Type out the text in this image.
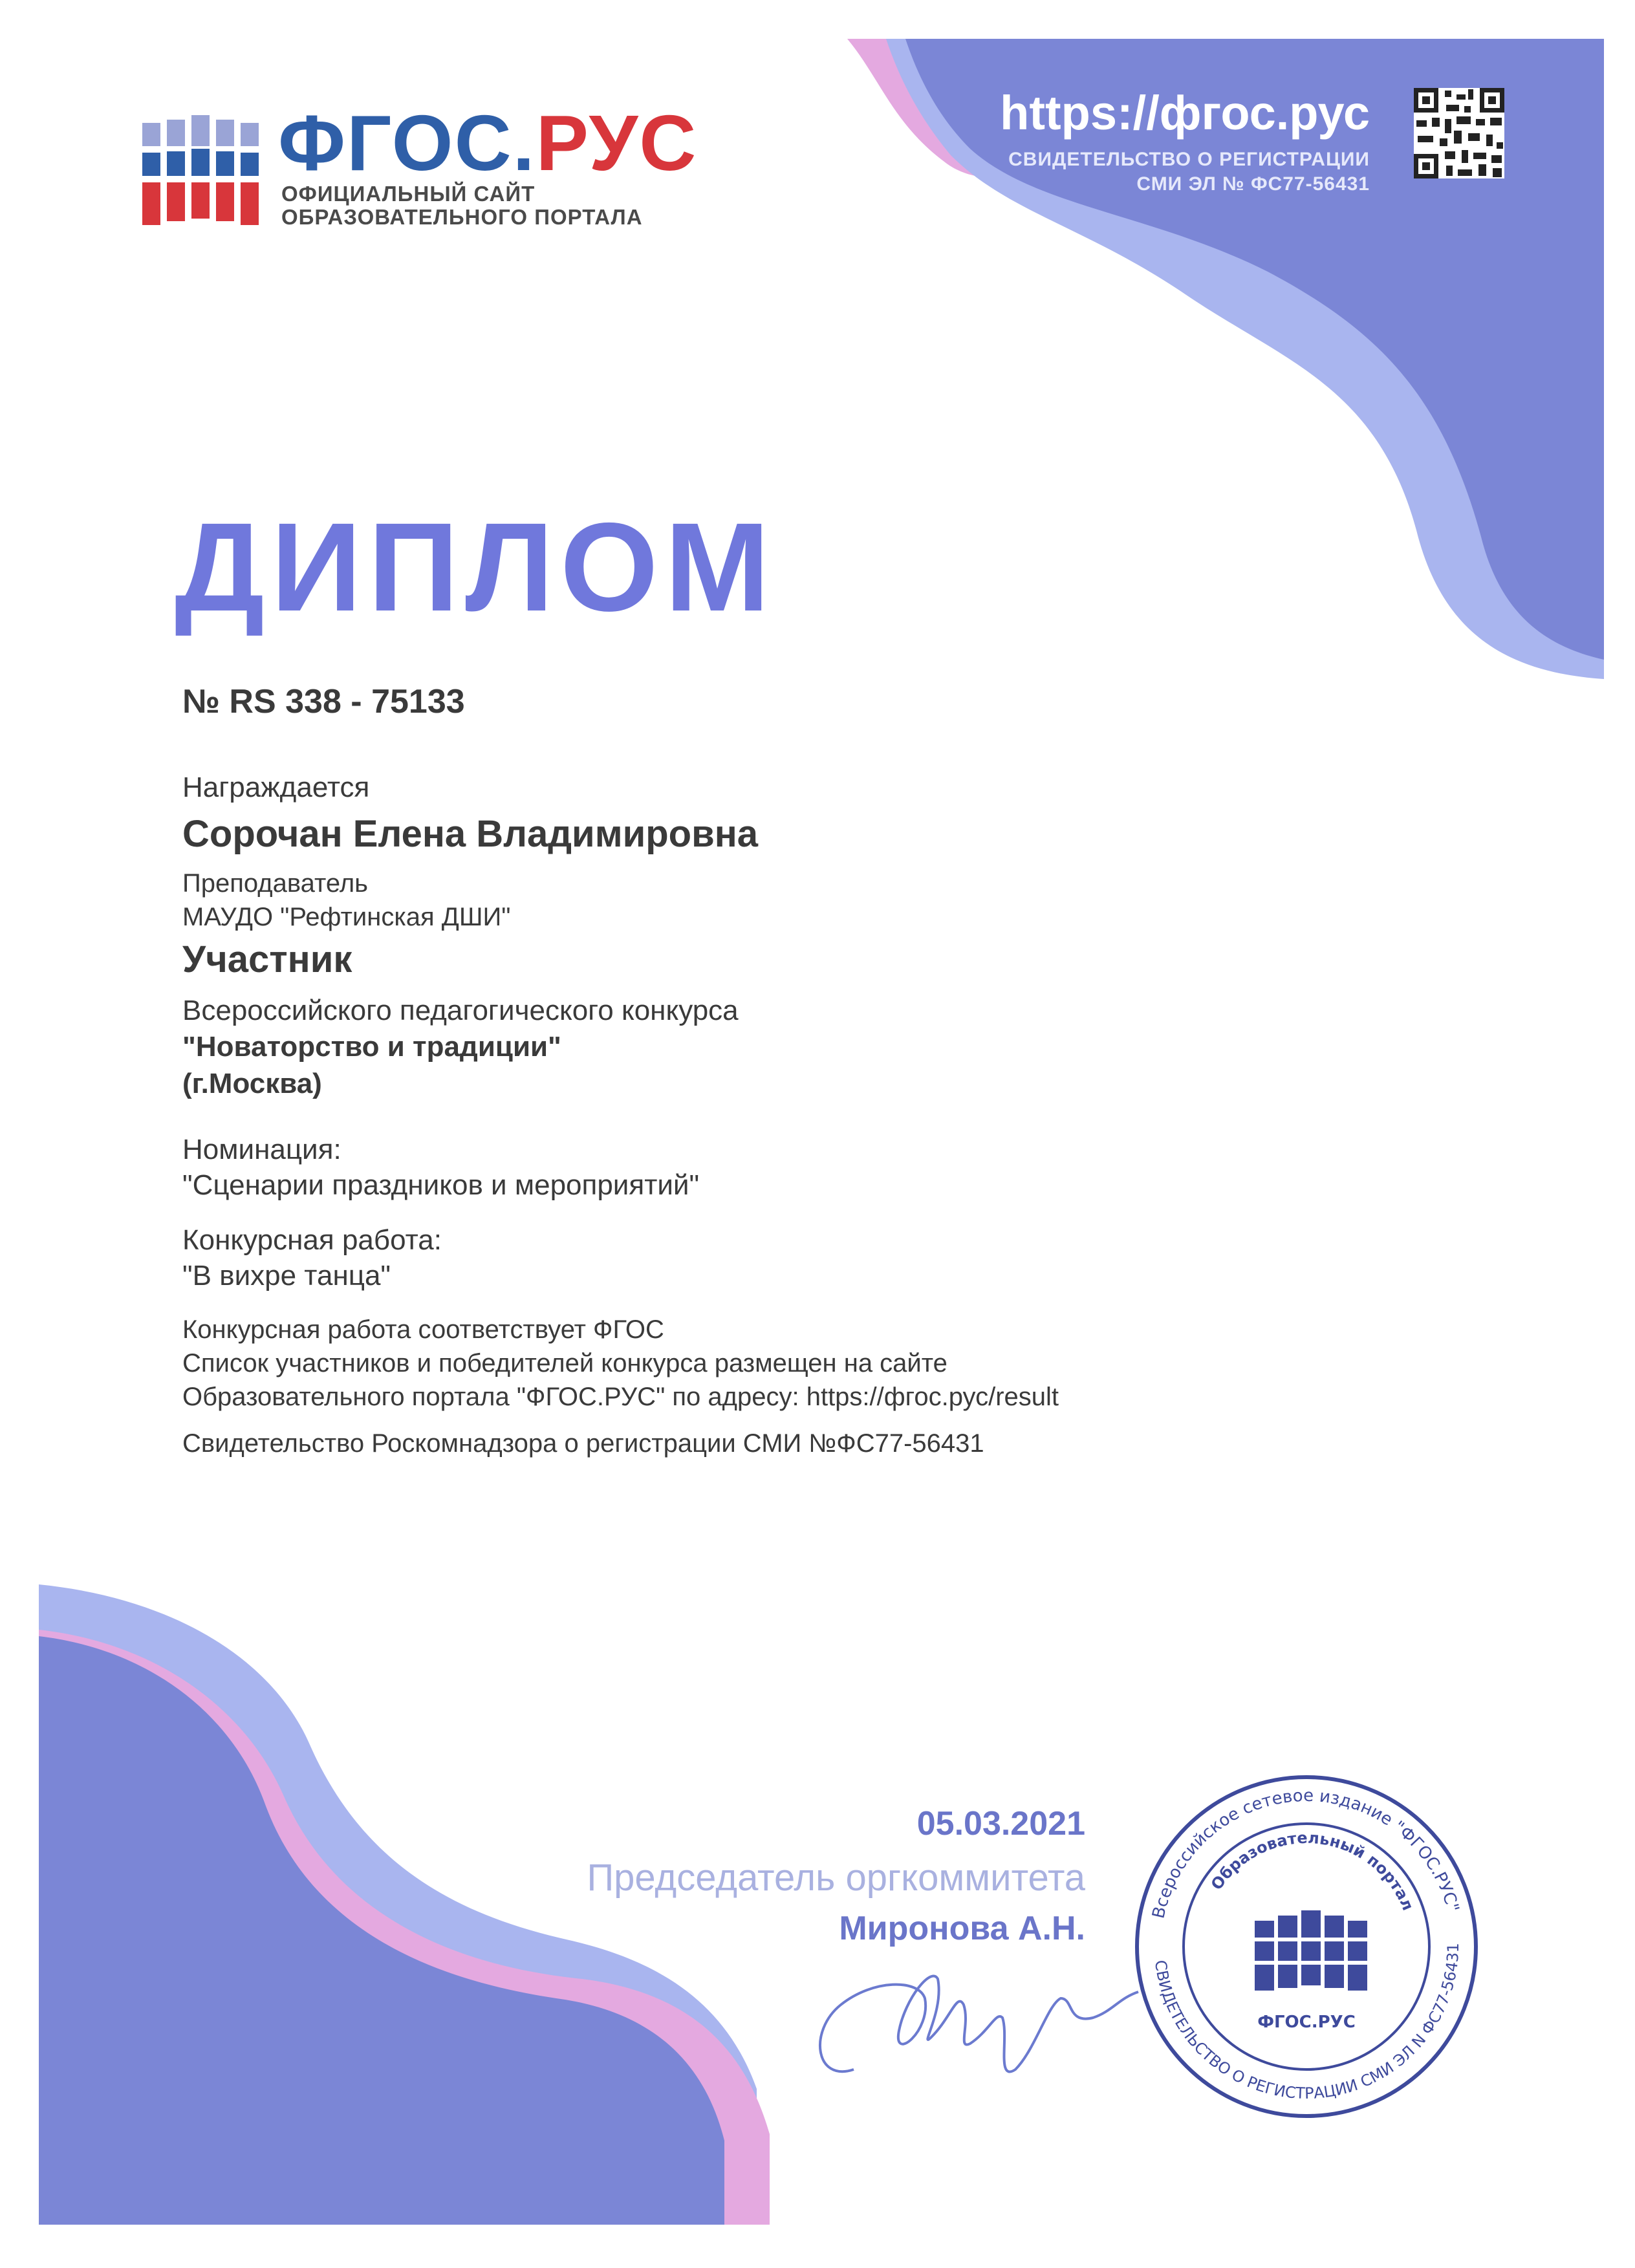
ФГОС.РУС
ОФИЦИАЛЬНЫЙ САЙТ
ОБРАЗОВАТЕЛЬНОГО ПОРТАЛА
https://фгос.рус
СВИДЕТЕЛЬСТВО О РЕГИСТРАЦИИ
СМИ ЭЛ № ФС77-56431
ДИПЛОМ
№ RS 338 - 75133
Награждается
Сорочан Елена Владимировна
Преподаватель
МАУДО "Рефтинская ДШИ"
Участник
Всероссийского педагогического конкурса
"Новаторство и традиции"
(г.Москва)
Номинация:
"Сценарии праздников и мероприятий"
Конкурсная работа:
"В вихре танца"
Конкурсная работа соответствует ФГОС
Список участников и победителей конкурса размещен на сайте
Образовательного портала "ФГОС.РУС" по адресу: https://фгос.рус/result
Свидетельство Роскомнадзора о регистрации СМИ №ФС77-56431
05.03.2021
Председатель оргкоммитета
Миронова А.Н.	Всероссийское сетевое издание "ФГОС.РУС"
СВИДЕТЕЛЬСТВО О РЕГИСТРАЦИИ СМИ ЭЛ N ФС77-56431
Образовательный портал
ФГОС.РУС
